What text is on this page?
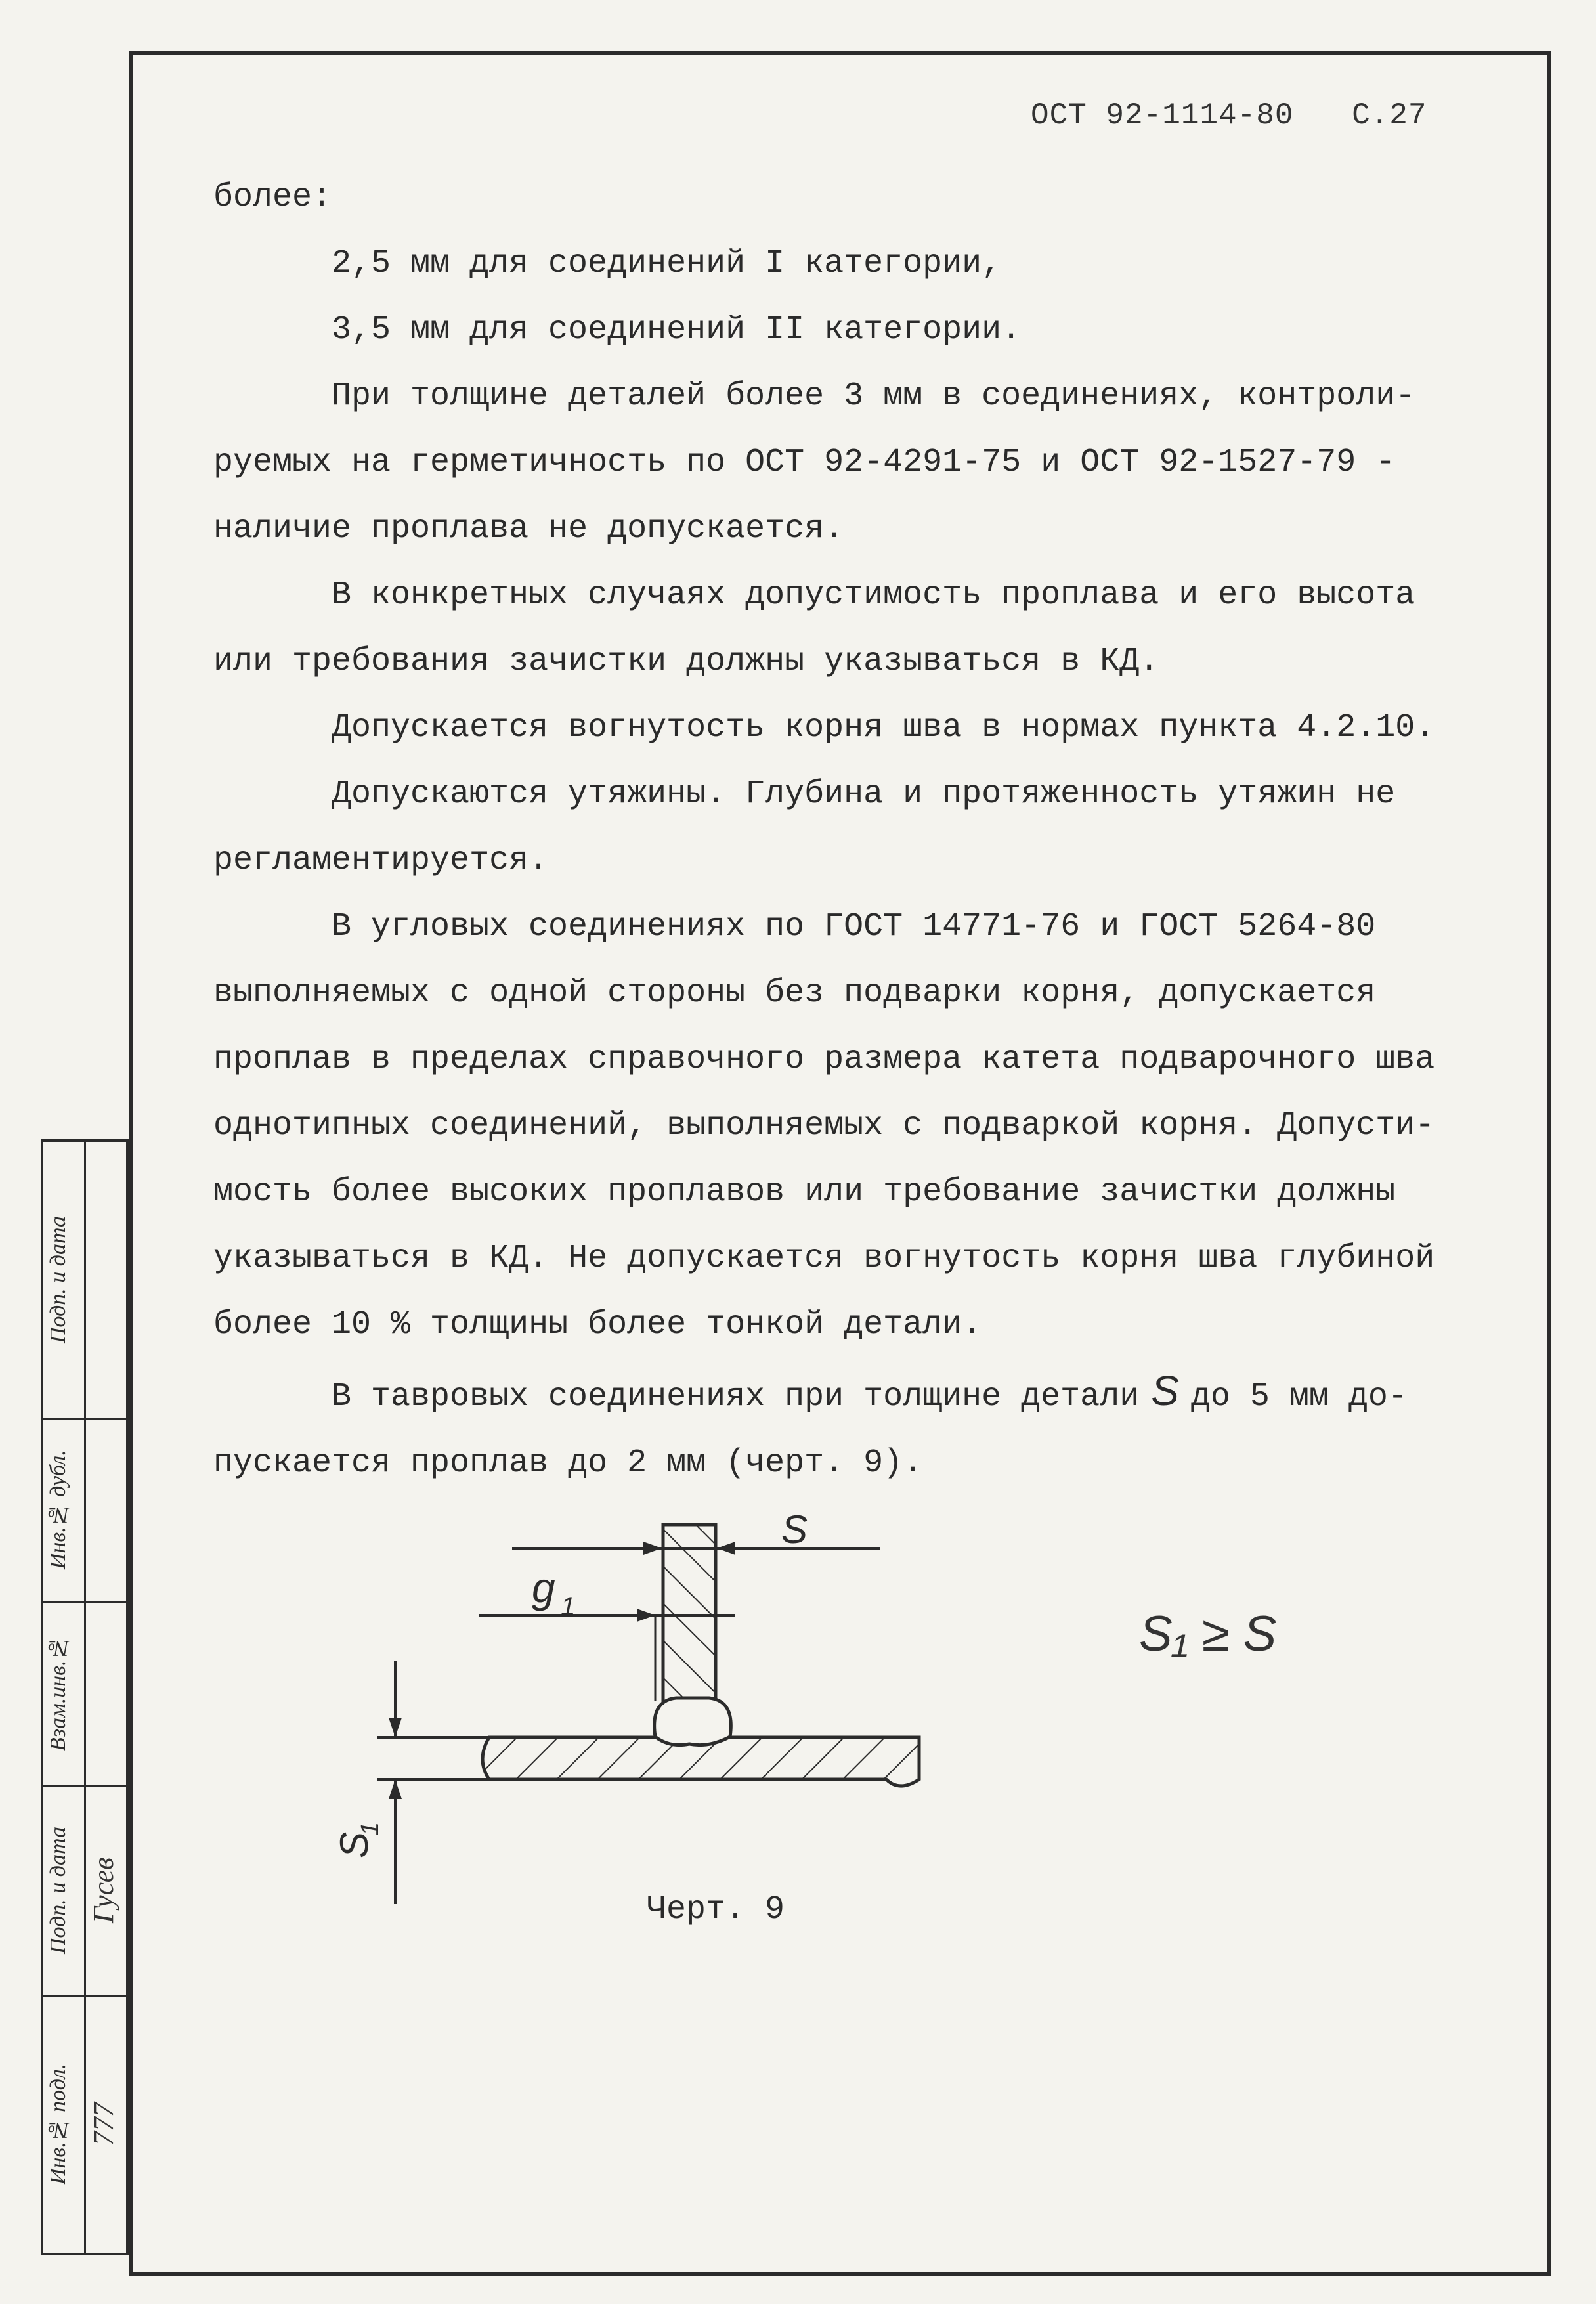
ОСТ 92-1114-80 С.27

более:

2,5 мм для соединений I категории,

3,5 мм для соединений II категории.

При толщине деталей более 3 мм в соединениях, контроли-

руемых на герметичность по ОСТ 92-4291-75 и ОСТ 92-1527-79 -

наличие проплава не допускается.

В конкретных случаях допустимость проплава и его высота

или требования зачистки должны указываться в КД.

Допускается вогнутость корня шва в нормах пункта 4.2.10.

Допускаются утяжины. Глубина и протяженность утяжин не

регламентируется.

В угловых соединениях по ГОСТ 14771-76 и ГОСТ 5264-80

выполняемых с одной стороны без подварки корня, допускается

проплав в пределах справочного размера катета подварочного шва

однотипных соединений, выполняемых с подваркой корня. Допусти-

мость более высоких проплавов или требование зачистки должны

указываться в КД. Не допускается вогнутость корня шва глубиной

более 10 % толщины более тонкой детали.

В тавровых соединениях при толщине детали S до 5 мм до-

пускается проплав до 2 мм (черт. 9).

S
g 1
S
1
S₁ ≥ S
Черт. 9
Инв.№ подл.
Подп. и дата
Взам.инв.№
Инв.№ дубл.
Подп. и дата
777
Гусев
